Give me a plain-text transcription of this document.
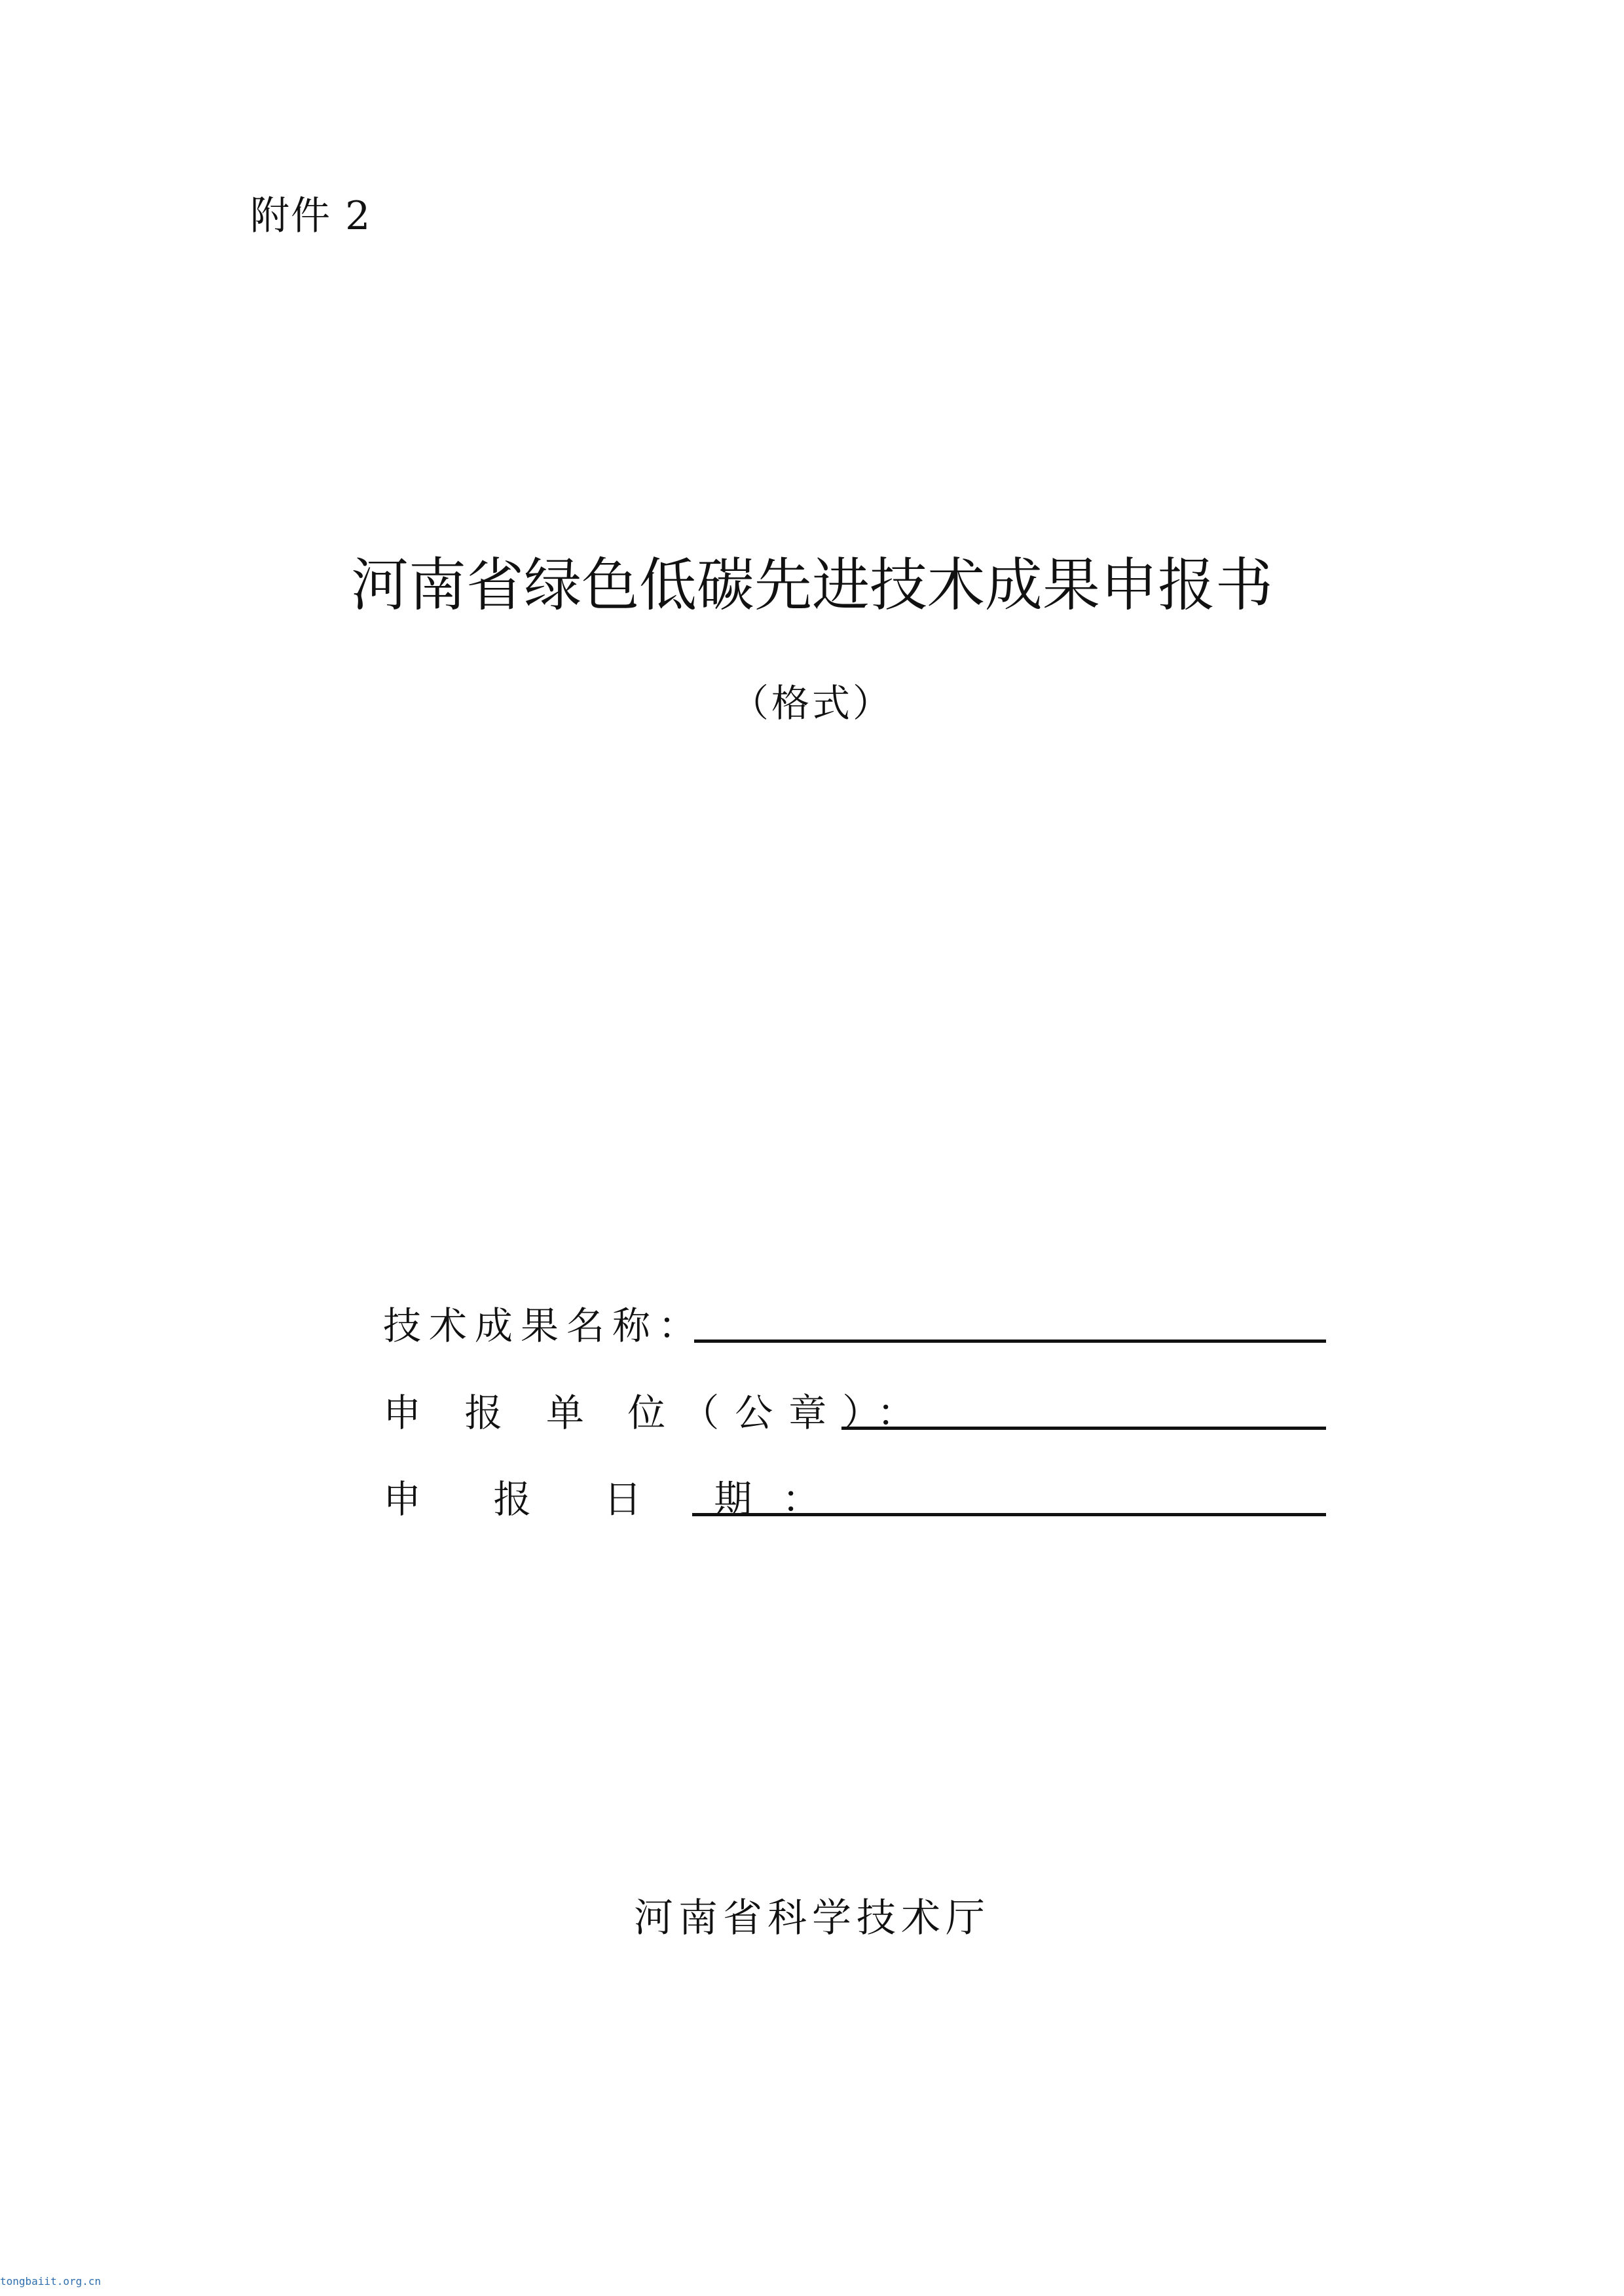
附件 2
河南省绿色低碳先进技术成果申报书
（格式）
技术成果名称：
申 报 单 位（公章）：
申 报 日 期：
河南省科学技术厅
tongbaiit.org.cn
